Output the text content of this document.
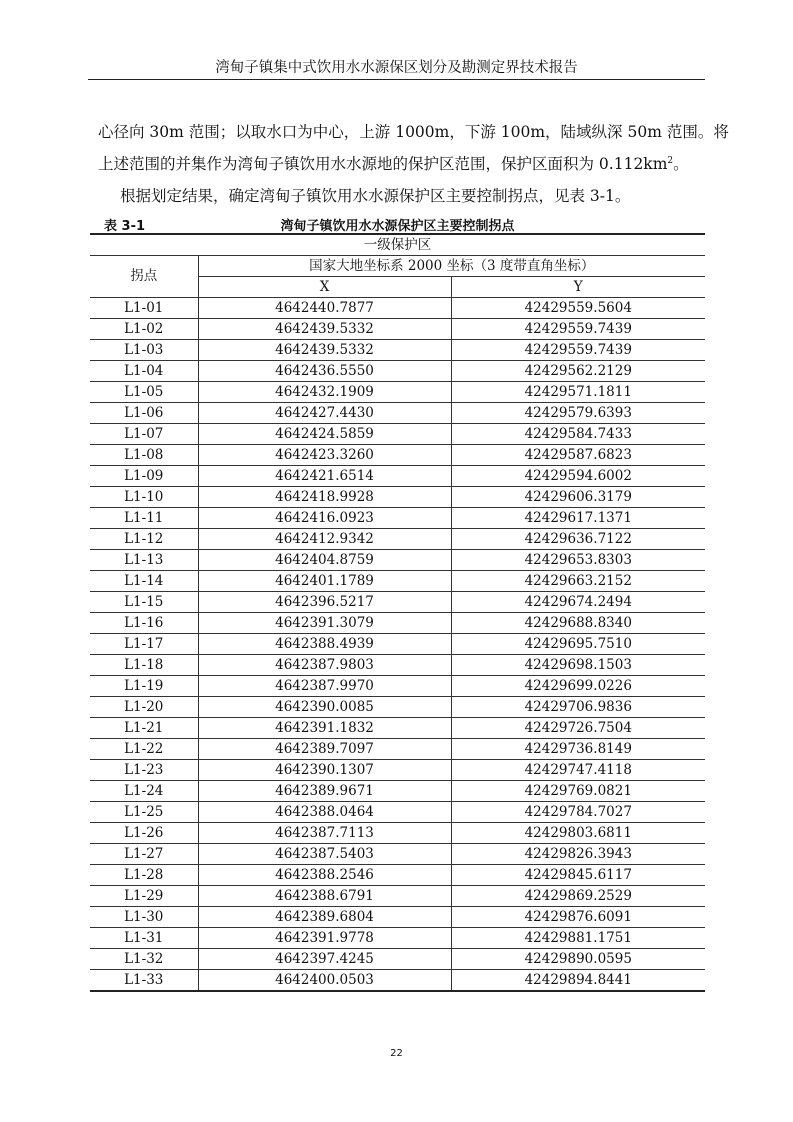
湾甸子镇集中式饮用水水源保区划分及勘测定界技术报告
心径向 30m 范围；以取水口为中心，上游 1000m，下游 100m，陆域纵深 50m 范围。将
上述范围的并集作为湾甸子镇饮用水水源地的保护区范围，保护区面积为 $0.112km^2$。
根据划定结果，确定湾甸子镇饮用水水源保护区主要控制拐点，见表 3-1。
湾甸子镇饮用水水源保护区主要控制拐点
表 3-1
一级保护区		
拐点	国家大地坐标系 2000 坐标（3 度带直角坐标）	
	X	Y
L1-01	4642440.7877	42429559.5604
L1-02	4642439.5332	42429559.7439
L1-03	4642439.5332	42429559.7439
L1-04	4642436.5550	42429562.2129
L1-05	4642432.1909	42429571.1811
L1-06	4642427.4430	42429579.6393
L1-07	4642424.5859	42429584.7433
L1-08	4642423.3260	42429587.6823
L1-09	4642421.6514	42429594.6002
L1-10	4642418.9928	42429606.3179
L1-11	4642416.0923	42429617.1371
L1-12	4642412.9342	42429636.7122
L1-13	4642404.8759	42429653.8303
L1-14	4642401.1789	42429663.2152
L1-15	4642396.5217	42429674.2494
L1-16	4642391.3079	42429688.8340
L1-17	4642388.4939	42429695.7510
L1-18	4642387.9803	42429698.1503
L1-19	4642387.9970	42429699.0226
L1-20	4642390.0085	42429706.9836
L1-21	4642391.1832	42429726.7504
L1-22	4642389.7097	42429736.8149
L1-23	4642390.1307	42429747.4118
L1-24	4642389.9671	42429769.0821
L1-25	4642388.0464	42429784.7027
L1-26	4642387.7113	42429803.6811
L1-27	4642387.5403	42429826.3943
L1-28	4642388.2546	42429845.6117
L1-29	4642388.6791	42429869.2529
L1-30	4642389.6804	42429876.6091
L1-31	4642391.9778	42429881.1751
L1-32	4642397.4245	42429890.0595
L1-33	4642400.0503	42429894.8441
22
